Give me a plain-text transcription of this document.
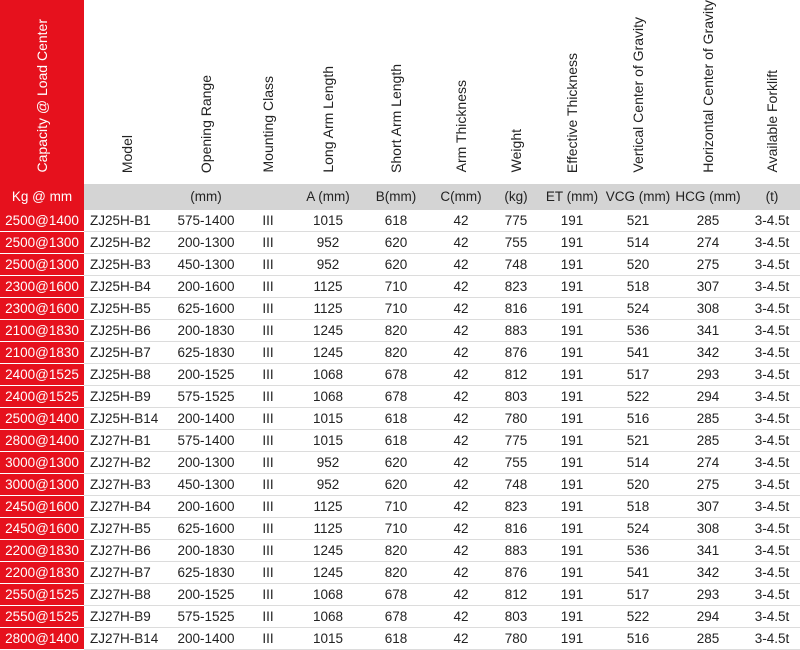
Capacity @ Load Center	Model	Opening Range	Mounting Class	Long Arm Length	Short Arm Length	Arm Thickness	Weight	Effective Thickness	Vertical Center of Gravity	Horizontal Center of Gravity	Available Forklift
Kg @ mm		(mm)		A (mm)	B(mm)	C(mm)	(kg)	ET (mm)	VCG (mm)	HCG (mm)	(t)
2500@1400	ZJ25H-B1	575-1400	III	1015	618	42	775	191	521	285	3-4.5t
2500@1300	ZJ25H-B2	200-1300	III	952	620	42	755	191	514	274	3-4.5t
2500@1300	ZJ25H-B3	450-1300	III	952	620	42	748	191	520	275	3-4.5t
2300@1600	ZJ25H-B4	200-1600	III	1125	710	42	823	191	518	307	3-4.5t
2300@1600	ZJ25H-B5	625-1600	III	1125	710	42	816	191	524	308	3-4.5t
2100@1830	ZJ25H-B6	200-1830	III	1245	820	42	883	191	536	341	3-4.5t
2100@1830	ZJ25H-B7	625-1830	III	1245	820	42	876	191	541	342	3-4.5t
2400@1525	ZJ25H-B8	200-1525	III	1068	678	42	812	191	517	293	3-4.5t
2400@1525	ZJ25H-B9	575-1525	III	1068	678	42	803	191	522	294	3-4.5t
2500@1400	ZJ25H-B14	200-1400	III	1015	618	42	780	191	516	285	3-4.5t
2800@1400	ZJ27H-B1	575-1400	III	1015	618	42	775	191	521	285	3-4.5t
3000@1300	ZJ27H-B2	200-1300	III	952	620	42	755	191	514	274	3-4.5t
3000@1300	ZJ27H-B3	450-1300	III	952	620	42	748	191	520	275	3-4.5t
2450@1600	ZJ27H-B4	200-1600	III	1125	710	42	823	191	518	307	3-4.5t
2450@1600	ZJ27H-B5	625-1600	III	1125	710	42	816	191	524	308	3-4.5t
2200@1830	ZJ27H-B6	200-1830	III	1245	820	42	883	191	536	341	3-4.5t
2200@1830	ZJ27H-B7	625-1830	III	1245	820	42	876	191	541	342	3-4.5t
2550@1525	ZJ27H-B8	200-1525	III	1068	678	42	812	191	517	293	3-4.5t
2550@1525	ZJ27H-B9	575-1525	III	1068	678	42	803	191	522	294	3-4.5t
2800@1400	ZJ27H-B14	200-1400	III	1015	618	42	780	191	516	285	3-4.5t
